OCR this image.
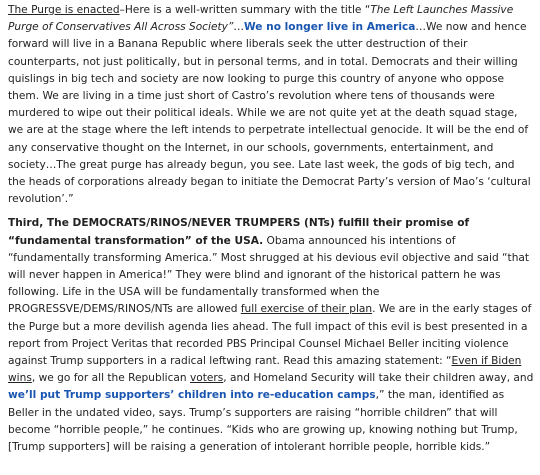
The Purge is enacted–Here is a well-written summary with the title “The Left Launches Massive Purge of Conservatives All Across Society”…We no longer live in America…We now and hence forward will live in a Banana Republic where liberals seek the utter destruction of their counterparts, not just politically, but in personal terms, and in total. Democrats and their willing quislings in big tech and society are now looking to purge this country of anyone who oppose them. We are living in a time just short of Castro’s revolution where tens of thousands were murdered to wipe out their political ideals. While we are not quite yet at the death squad stage, we are at the stage where the left intends to perpetrate intellectual genocide. It will be the end of any conservative thought on the Internet, in our schools, governments, entertainment, and society…The great purge has already begun, you see. Late last week, the gods of big tech, and the heads of corporations already began to initiate the Democrat Party’s version of Mao’s ‘cultural revolution’.”

Third, The DEMOCRATS/RINOS/NEVER TRUMPERS (NTs) fulfill their promise of “fundamental transformation” of the USA. Obama announced his intentions of “fundamentally transforming America.” Most shrugged at his devious evil objective and said “that will never happen in America!” They were blind and ignorant of the historical pattern he was following. Life in the USA will be fundamentally transformed when the PROGRESSVE/DEMS/RINOS/NTs are allowed full exercise of their plan. We are in the early stages of the Purge but a more devilish agenda lies ahead. The full impact of this evil is best presented in a report from Project Veritas that recorded PBS Principal Counsel Michael Beller inciting violence against Trump supporters in a radical leftwing rant. Read this amazing statement: “Even if Biden wins, we go for all the Republican voters, and Homeland Security will take their children away, and we’ll put Trump supporters’ children into re-education camps,” the man, identified as Beller in the undated video, says. Trump’s supporters are raising “horrible children” that will become “horrible people,” he continues. “Kids who are growing up, knowing nothing but Trump, [Trump supporters] will be raising a generation of intolerant horrible people, horrible kids.”
